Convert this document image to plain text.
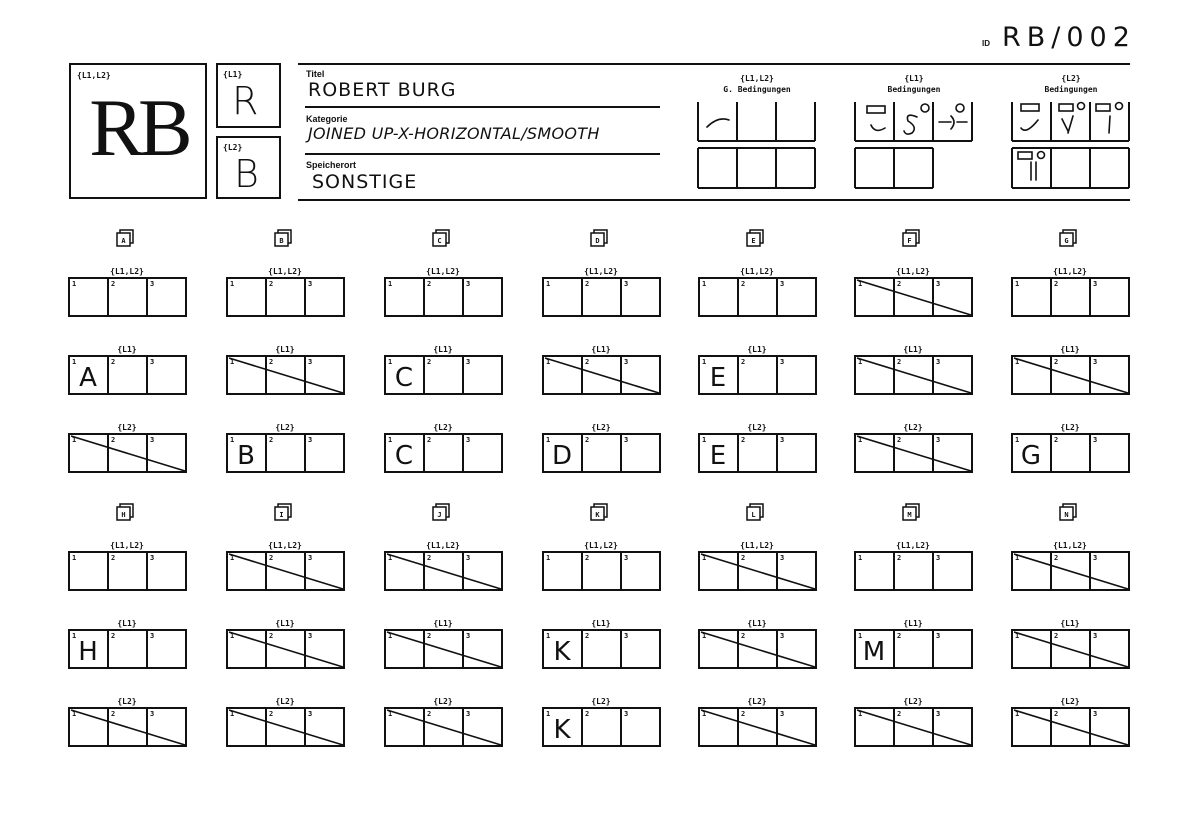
ID RB/002
{L1,L2}
RB
{L1}
R
{L2}
B
Titel
ROBERT BURG
Kategorie
JOINED UP-X-HORIZONTAL/SMOOTH
Speicherort
SONSTIGE
{L1,L2}
G. Bedingungen
{L1}
Bedingungen
{L2}
Bedingungen
A
{L1,L2}
1	2	3
{L1}
1	2	3
A
{L2}
1	2	3
B
{L1,L2}
1	2	3
{L1}
1	2	3
{L2}
1	2	3
B
C
{L1,L2}
1	2	3
{L1}
1	2	3
C
{L2}
1	2	3
C
D
{L1,L2}
1	2	3
{L1}
1	2	3
{L2}
1	2	3
D
E
{L1,L2}
1	2	3
{L1}
1	2	3
E
{L2}
1	2	3
E
F
{L1,L2}
1	2	3
{L1}
1	2	3
{L2}
1	2	3
G
{L1,L2}
1	2	3
{L1}
1	2	3
{L2}
1	2	3
G
H
{L1,L2}
1	2	3
{L1}
1	2	3
H
{L2}
1	2	3
I
{L1,L2}
1	2	3
{L1}
1	2	3
{L2}
1	2	3
J
{L1,L2}
1	2	3
{L1}
1	2	3
{L2}
1	2	3
K
{L1,L2}
1	2	3
{L1}
1	2	3
K
{L2}
1	2	3
K
L
{L1,L2}
1	2	3
{L1}
1	2	3
{L2}
1	2	3
M
{L1,L2}
1	2	3
{L1}
1	2	3
M
{L2}
1	2	3
N
{L1,L2}
1	2	3
{L1}
1	2	3
{L2}
1	2	3
